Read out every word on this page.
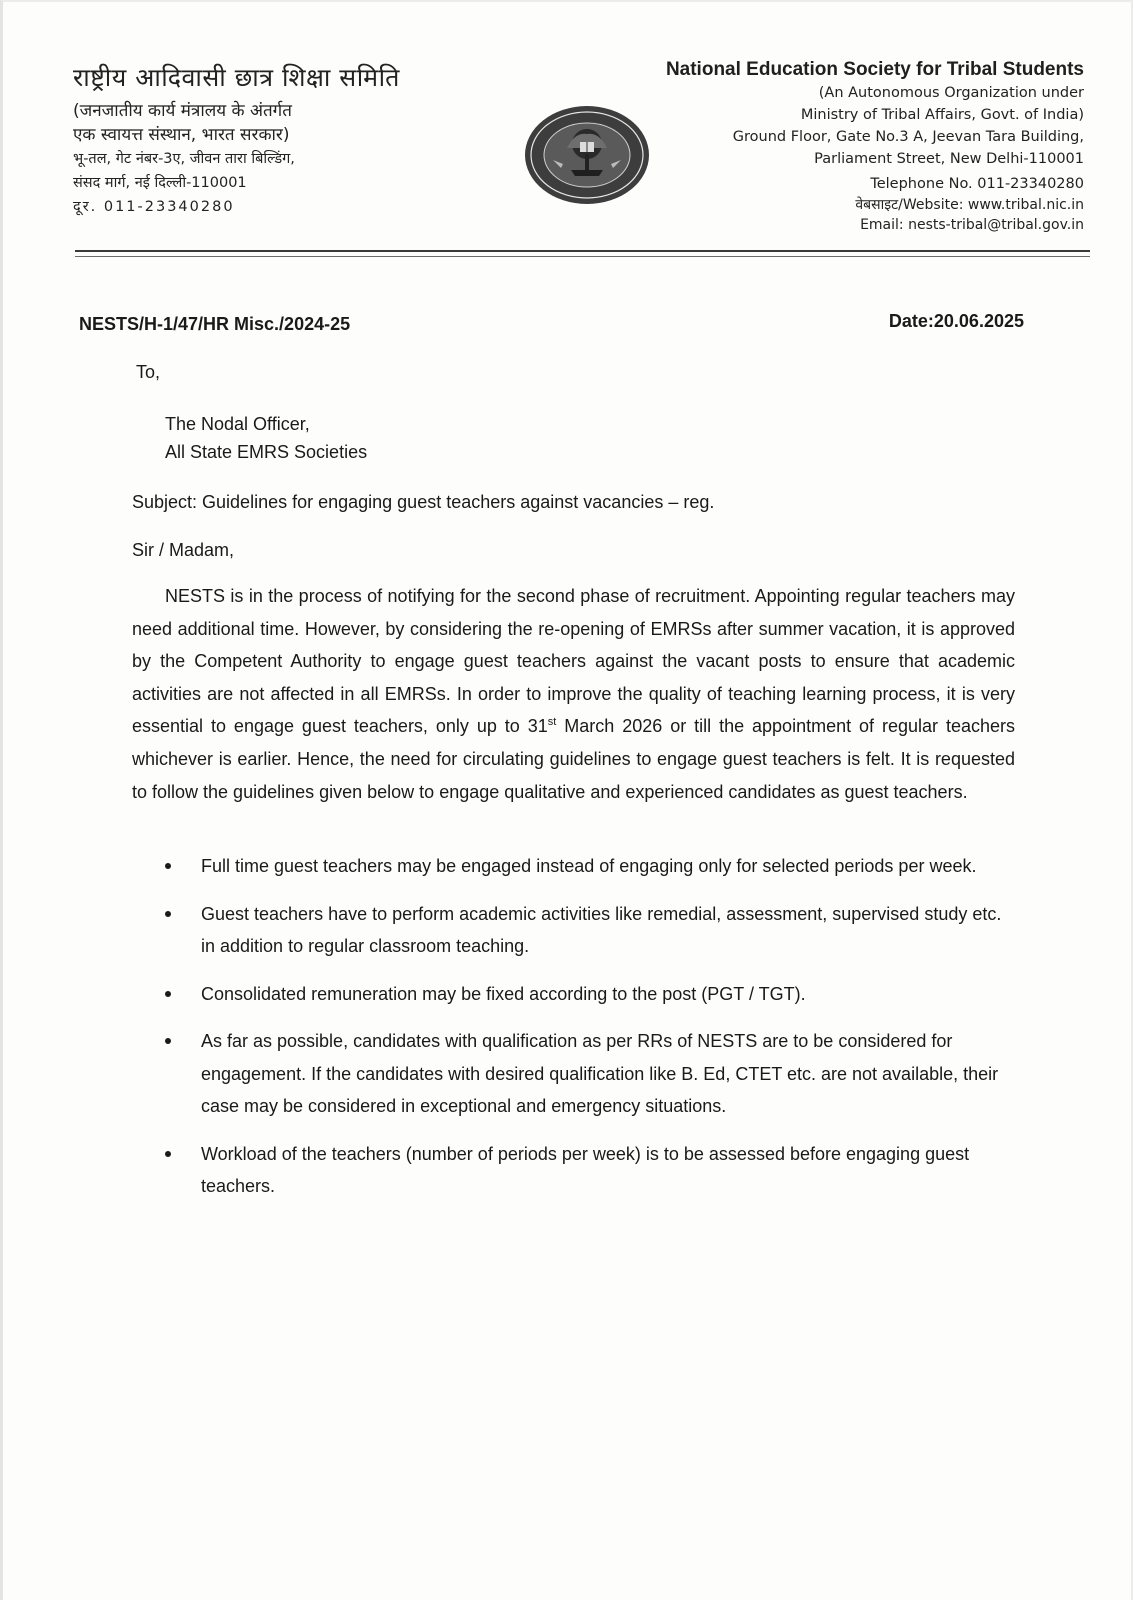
राष्ट्रीय आदिवासी छात्र शिक्षा समिति
(जनजातीय कार्य मंत्रालय के अंतर्गत
एक स्वायत्त संस्थान, भारत सरकार)
भू-तल, गेट नंबर-3ए, जीवन तारा बिल्डिंग,
संसद मार्ग, नई दिल्ली-110001
दूर. 011-23340280
National Education Society for Tribal Students
(An Autonomous Organization under
Ministry of Tribal Affairs, Govt. of India)
Ground Floor, Gate No.3 A, Jeevan Tara Building,
Parliament Street, New Delhi-110001
Telephone No. 011-23340280
वेबसाइट/Website: www.tribal.nic.in
Email: nests-tribal@tribal.gov.in
NESTS/H-1/47/HR Misc./2024-25	Date:20.06.2025
To,
The Nodal Officer,
All State EMRS Societies
Subject: Guidelines for engaging guest teachers against vacancies – reg.
Sir / Madam,
NESTS is in the process of notifying for the second phase of recruitment. Appointing regular teachers may need additional time. However, by considering the re-opening of EMRSs after summer vacation, it is approved by the Competent Authority to engage guest teachers against the vacant posts to ensure that academic activities are not affected in all EMRSs. In order to improve the quality of teaching learning process, it is very essential to engage guest teachers, only up to 31st March 2026 or till the appointment of regular teachers whichever is earlier. Hence, the need for circulating guidelines to engage guest teachers is felt. It is requested to follow the guidelines given below to engage qualitative and experienced candidates as guest teachers.
Full time guest teachers may be engaged instead of engaging only for selected periods per week.
Guest teachers have to perform academic activities like remedial, assessment, supervised study etc. in addition to regular classroom teaching.
Consolidated remuneration may be fixed according to the post (PGT / TGT).
As far as possible, candidates with qualification as per RRs of NESTS are to be considered for engagement. If the candidates with desired qualification like B. Ed, CTET etc. are not available, their case may be considered in exceptional and emergency situations.
Workload of the teachers (number of periods per week) is to be assessed before engaging guest teachers.
